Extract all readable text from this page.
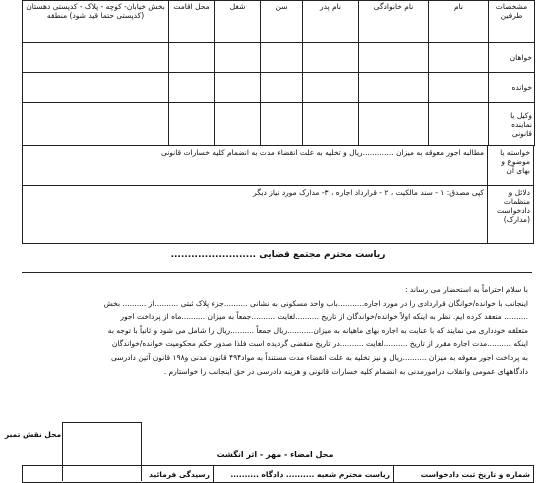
مشخصات طرفین	نام	نام خانوادگی	نام پدر	سن	شغل	محل اقامت	بخش خیابان- کوچه - پلاک - کدپستی دهستان (کدپستی حتما قید شود) منطقه
خواهان							
خوانده							
وکیل یا نماینده قانونی							
خواسته یا موضوع و بهای آن	مطالبه اجور معوقه به میزان .............ریال و تخلیه به علت انقضاء مدت به انضمام کلیه خسارات قانونی
دلائل و منظمات دادخواست (مدارک)	کپی مصدق: ۱ - سند مالکیت ، ۲ - قرارداد اجاره ، ۳- مدارک مورد نیاز دیگر
ریاست محترم مجتمع قضایی .........................

با سلام احتراماً به استحضار می رساند :

اینجانب با خوانده/خوانگان قراردادی را در مورد اجاره...........باب واحد مسکونی به نشانی ..........جزء پلاک ثبتی ..........از .......... بخش

.......... منعقد کرده ایم. نظر به اینکه اولاً خوانده/خواندگان از تاریخ ..........لغایت ..........جمعاً به میزان ..........ماه از پرداخت اجور

متعلقه خودداری می نمایند که با عنایت به اجاره بهای ماهیانه به میزان...........ریال جمعاً ..........ریال را شامل می شود و ثانیاً با توجه به

اینکه ..........مدت اجاره مقرر از تاریخ ..........لغایت ..........در تاریخ منقضی گردیده است فلذا صدور حکم محکومیت خوانده/خواندگان

به پرداخت اجور معوقه به میزان ..........ریال و نیز تخلیه به علت انقضاء مدت مستنداً به مواد۴۹۴ قانون مدنی و۱۹۸ قانون آئین دادرسی

دادگاههای عمومی وانقلاب درامورمدنی به انضمام کلیه خسارات قانونی و هزینه دادرسی در حق اینجانب را خواستارم .

محل نقش تمبر
محل امضاء - مهر - اثر انگشت
شماره و تاریخ ثبت دادخواست	ریاست محترم شعبه .......... دادگاه ..........	رسیدگی فرمائید
